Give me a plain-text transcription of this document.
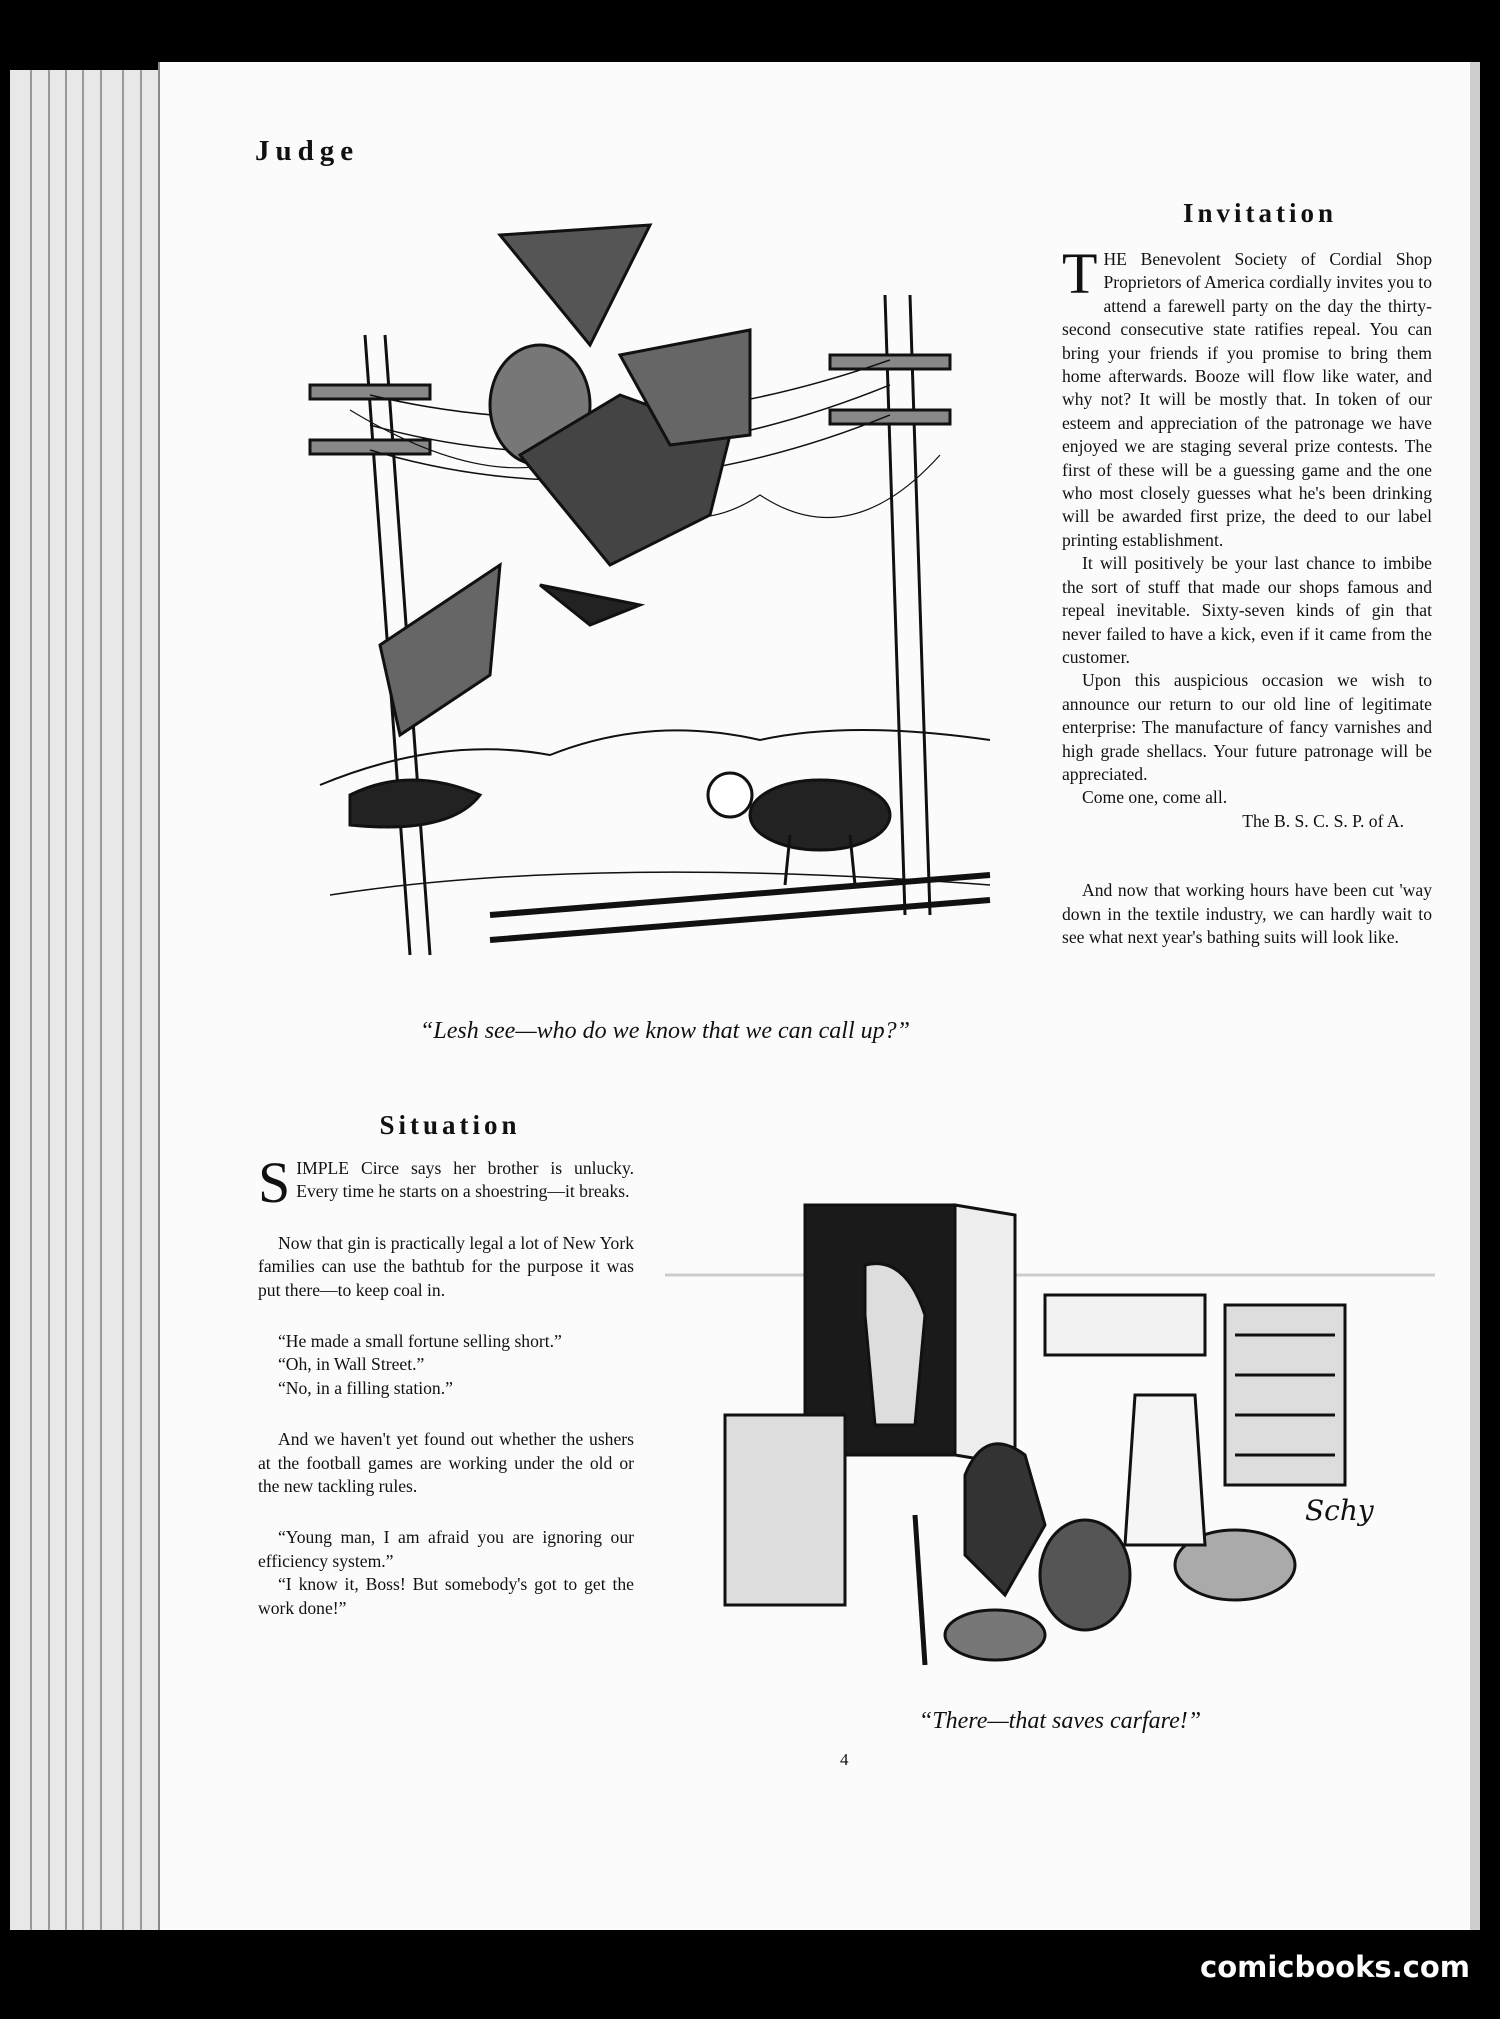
Judge
“Lesh see—who do we know that we can call up?”
Invitation

THE Benevolent Society of Cordial Shop Proprietors of America cordially invites you to attend a farewell party on the day the thirty-second consecutive state ratifies repeal. You can bring your friends if you promise to bring them home afterwards. Booze will flow like water, and why not? It will be mostly that. In token of our esteem and appreciation of the patronage we have enjoyed we are staging several prize contests. The first of these will be a guessing game and the one who most closely guesses what he's been drinking will be awarded first prize, the deed to our label printing establishment.

It will positively be your last chance to imbibe the sort of stuff that made our shops famous and repeal inevitable. Sixty-seven kinds of gin that never failed to have a kick, even if it came from the customer.

Upon this auspicious occasion we wish to announce our return to our old line of legitimate enterprise: The manufacture of fancy varnishes and high grade shellacs. Your future patronage will be appreciated.

Come one, come all.

The B. S. C. S. P. of A.

And now that working hours have been cut 'way down in the textile industry, we can hardly wait to see what next year's bathing suits will look like.

Situation

SIMPLE Circe says her brother is unlucky. Every time he starts on a shoestring—it breaks.

Now that gin is practically legal a lot of New York families can use the bathtub for the purpose it was put there—to keep coal in.

“He made a small fortune selling short.”

“Oh, in Wall Street.”

“No, in a filling station.”

And we haven't yet found out whether the ushers at the football games are working under the old or the new tackling rules.

“Young man, I am afraid you are ignoring our efficiency system.”

“I know it, Boss! But somebody's got to get the work done!”

Schy
“There—that saves carfare!”
4
comicbooks.com
